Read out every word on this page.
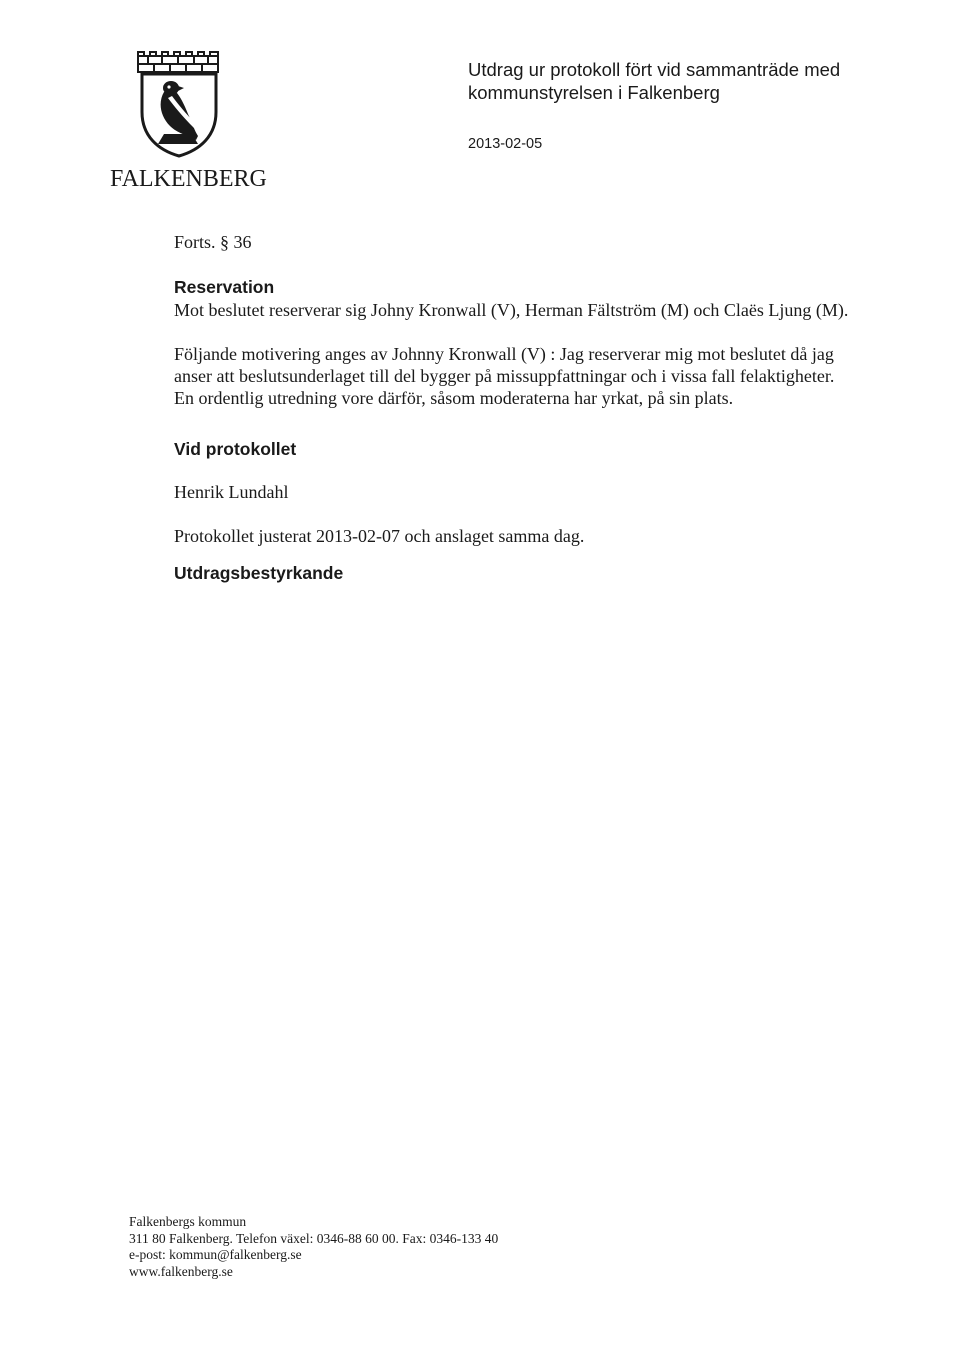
FALKENBERG
Utdrag ur protokoll fört vid sammanträde med kommunstyrelsen i Falkenberg
2013-02-05

Forts. § 36

Reservation

Mot beslutet reserverar sig Johny Kronwall (V), Herman Fältström (M) och Claës Ljung (M).

Följande motivering anges av Johnny Kronwall (V) : Jag reserverar mig mot beslutet då jag anser att beslutsunderlaget till del bygger på missuppfattningar och i vissa fall felaktigheter. En ordentlig utredning vore därför, såsom moderaterna har yrkat, på sin plats.

Vid protokollet

Henrik Lundahl

Protokollet justerat 2013-02-07 och anslaget samma dag.

Utdragsbestyrkande

Falkenbergs kommun
311 80 Falkenberg. Telefon växel: 0346-88 60 00. Fax: 0346-133 40
e-post: kommun@falkenberg.se
www.falkenberg.se
